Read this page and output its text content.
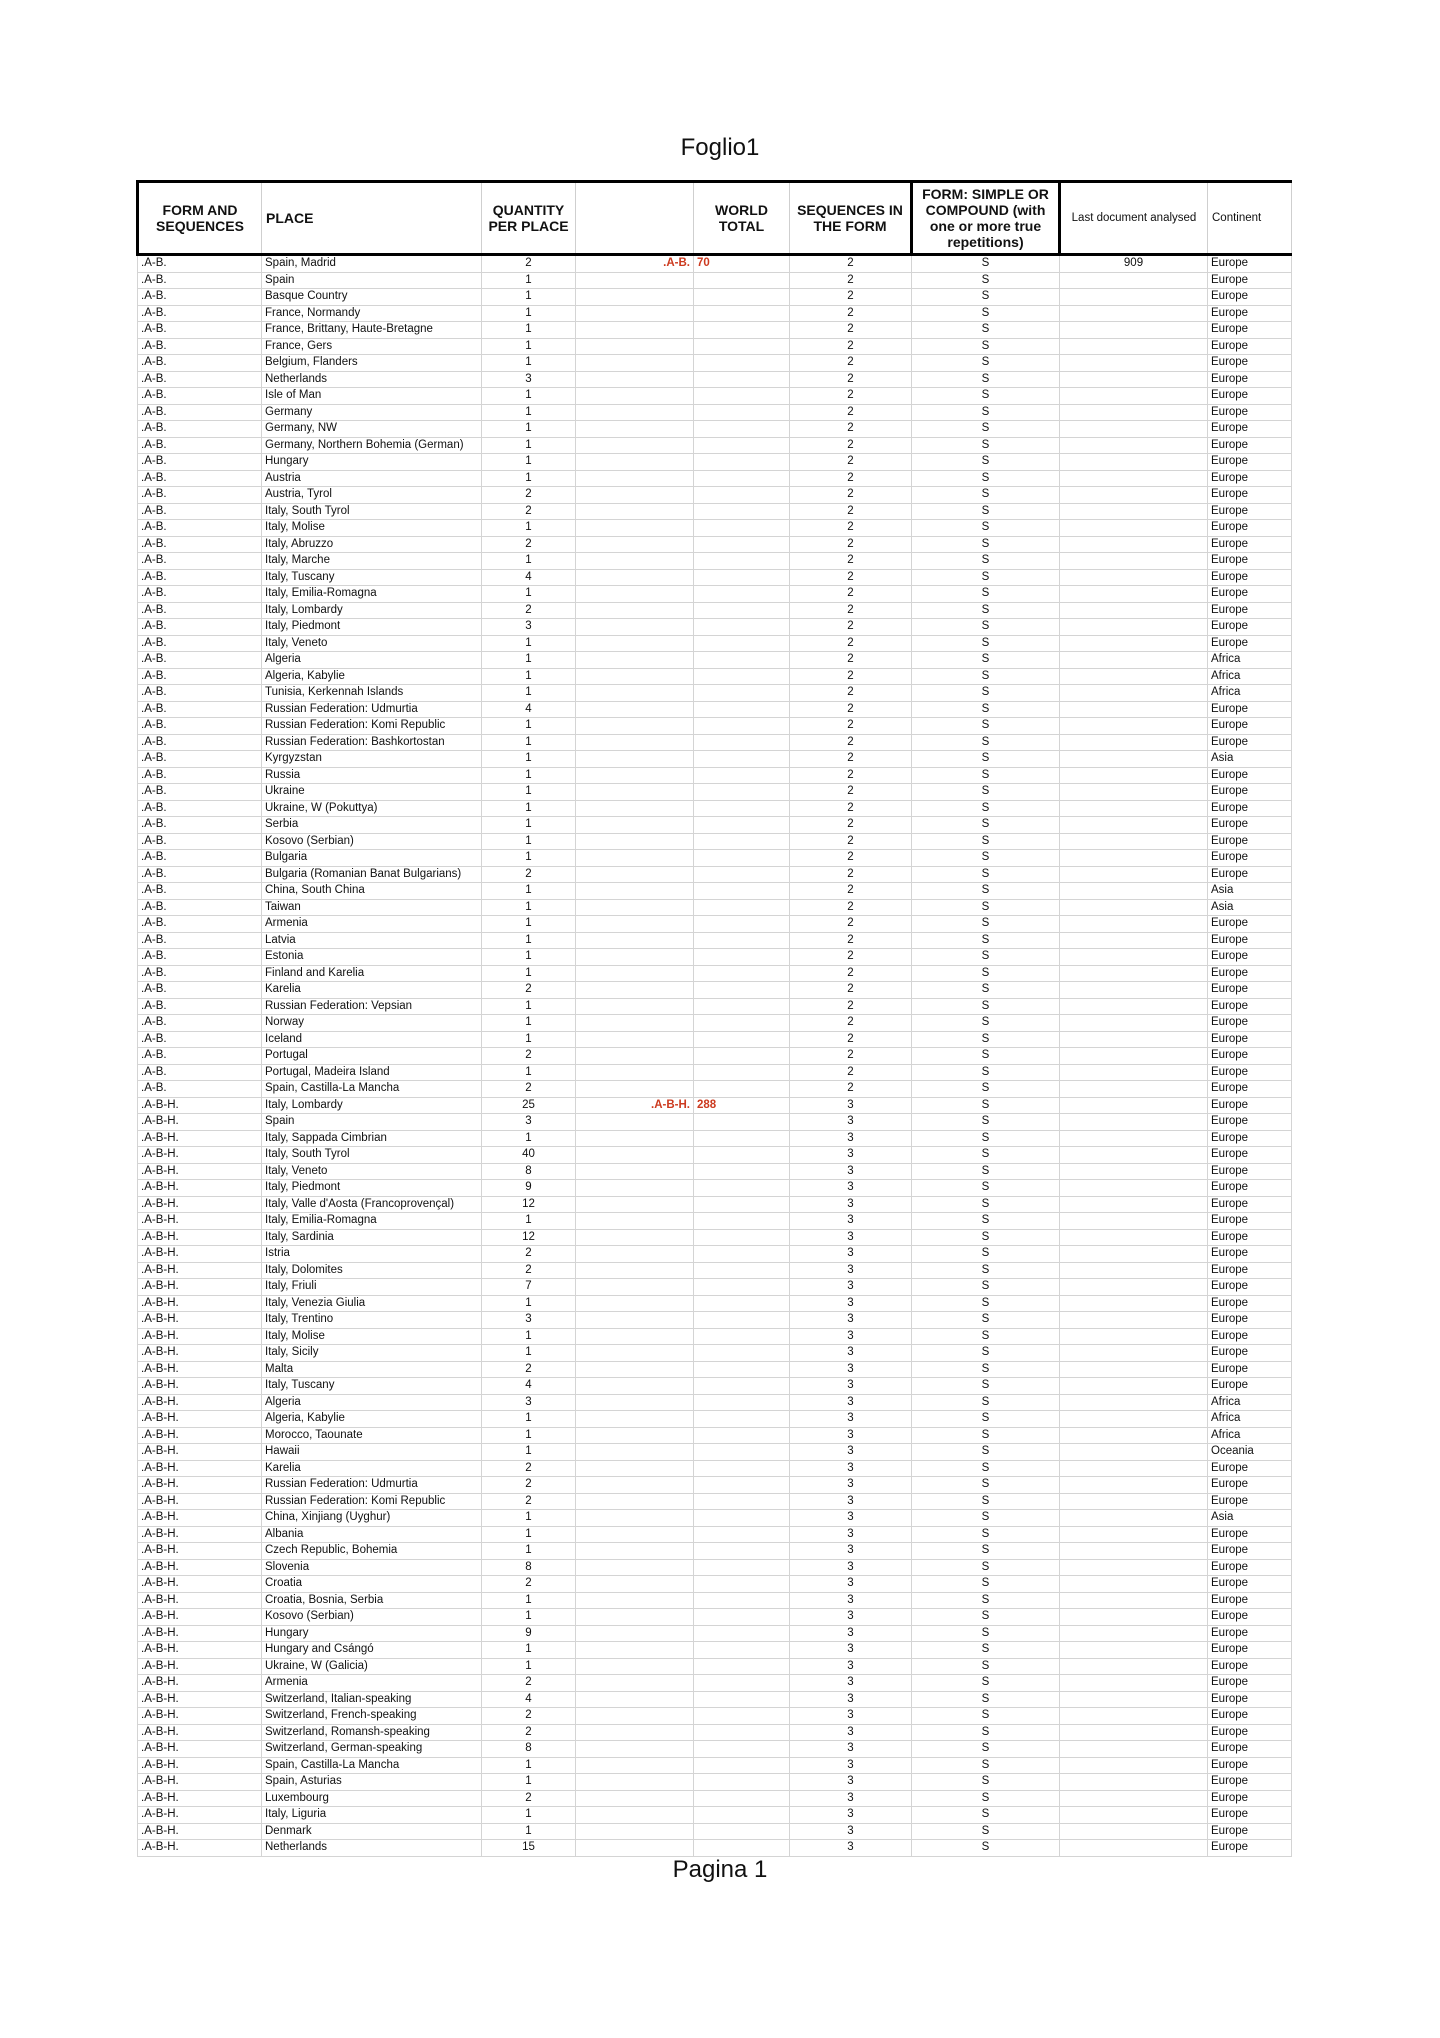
Foglio1
FORM AND SEQUENCES	PLACE	QUANTITY PER PLACE		WORLD TOTAL	SEQUENCES IN THE FORM	FORM: SIMPLE OR COMPOUND (with one or more true repetitions)	Last document analysed	Continent
.A-B.	Spain, Madrid	2	.A-B.	70	2	S	909	Europe
.A-B.	Spain	1			2	S		Europe
.A-B.	Basque Country	1			2	S		Europe
.A-B.	France, Normandy	1			2	S		Europe
.A-B.	France, Brittany, Haute-Bretagne	1			2	S		Europe
.A-B.	France, Gers	1			2	S		Europe
.A-B.	Belgium, Flanders	1			2	S		Europe
.A-B.	Netherlands	3			2	S		Europe
.A-B.	Isle of Man	1			2	S		Europe
.A-B.	Germany	1			2	S		Europe
.A-B.	Germany, NW	1			2	S		Europe
.A-B.	Germany, Northern Bohemia (German)	1			2	S		Europe
.A-B.	Hungary	1			2	S		Europe
.A-B.	Austria	1			2	S		Europe
.A-B.	Austria, Tyrol	2			2	S		Europe
.A-B.	Italy, South Tyrol	2			2	S		Europe
.A-B.	Italy, Molise	1			2	S		Europe
.A-B.	Italy, Abruzzo	2			2	S		Europe
.A-B.	Italy, Marche	1			2	S		Europe
.A-B.	Italy, Tuscany	4			2	S		Europe
.A-B.	Italy, Emilia-Romagna	1			2	S		Europe
.A-B.	Italy, Lombardy	2			2	S		Europe
.A-B.	Italy, Piedmont	3			2	S		Europe
.A-B.	Italy, Veneto	1			2	S		Europe
.A-B.	Algeria	1			2	S		Africa
.A-B.	Algeria, Kabylie	1			2	S		Africa
.A-B.	Tunisia, Kerkennah Islands	1			2	S		Africa
.A-B.	Russian Federation: Udmurtia	4			2	S		Europe
.A-B.	Russian Federation: Komi Republic	1			2	S		Europe
.A-B.	Russian Federation: Bashkortostan	1			2	S		Europe
.A-B.	Kyrgyzstan	1			2	S		Asia
.A-B.	Russia	1			2	S		Europe
.A-B.	Ukraine	1			2	S		Europe
.A-B.	Ukraine, W (Pokuttya)	1			2	S		Europe
.A-B.	Serbia	1			2	S		Europe
.A-B.	Kosovo (Serbian)	1			2	S		Europe
.A-B.	Bulgaria	1			2	S		Europe
.A-B.	Bulgaria (Romanian Banat Bulgarians)	2			2	S		Europe
.A-B.	China, South China	1			2	S		Asia
.A-B.	Taiwan	1			2	S		Asia
.A-B.	Armenia	1			2	S		Europe
.A-B.	Latvia	1			2	S		Europe
.A-B.	Estonia	1			2	S		Europe
.A-B.	Finland and Karelia	1			2	S		Europe
.A-B.	Karelia	2			2	S		Europe
.A-B.	Russian Federation: Vepsian	1			2	S		Europe
.A-B.	Norway	1			2	S		Europe
.A-B.	Iceland	1			2	S		Europe
.A-B.	Portugal	2			2	S		Europe
.A-B.	Portugal, Madeira Island	1			2	S		Europe
.A-B.	Spain, Castilla-La Mancha	2			2	S		Europe
.A-B-H.	Italy, Lombardy	25	.A-B-H.	288	3	S		Europe
.A-B-H.	Spain	3			3	S		Europe
.A-B-H.	Italy, Sappada Cimbrian	1			3	S		Europe
.A-B-H.	Italy, South Tyrol	40			3	S		Europe
.A-B-H.	Italy, Veneto	8			3	S		Europe
.A-B-H.	Italy, Piedmont	9			3	S		Europe
.A-B-H.	Italy, Valle d'Aosta (Francoprovençal)	12			3	S		Europe
.A-B-H.	Italy, Emilia-Romagna	1			3	S		Europe
.A-B-H.	Italy, Sardinia	12			3	S		Europe
.A-B-H.	Istria	2			3	S		Europe
.A-B-H.	Italy, Dolomites	2			3	S		Europe
.A-B-H.	Italy, Friuli	7			3	S		Europe
.A-B-H.	Italy, Venezia Giulia	1			3	S		Europe
.A-B-H.	Italy, Trentino	3			3	S		Europe
.A-B-H.	Italy, Molise	1			3	S		Europe
.A-B-H.	Italy, Sicily	1			3	S		Europe
.A-B-H.	Malta	2			3	S		Europe
.A-B-H.	Italy, Tuscany	4			3	S		Europe
.A-B-H.	Algeria	3			3	S		Africa
.A-B-H.	Algeria, Kabylie	1			3	S		Africa
.A-B-H.	Morocco, Taounate	1			3	S		Africa
.A-B-H.	Hawaii	1			3	S		Oceania
.A-B-H.	Karelia	2			3	S		Europe
.A-B-H.	Russian Federation: Udmurtia	2			3	S		Europe
.A-B-H.	Russian Federation: Komi Republic	2			3	S		Europe
.A-B-H.	China, Xinjiang (Uyghur)	1			3	S		Asia
.A-B-H.	Albania	1			3	S		Europe
.A-B-H.	Czech Republic, Bohemia	1			3	S		Europe
.A-B-H.	Slovenia	8			3	S		Europe
.A-B-H.	Croatia	2			3	S		Europe
.A-B-H.	Croatia, Bosnia, Serbia	1			3	S		Europe
.A-B-H.	Kosovo (Serbian)	1			3	S		Europe
.A-B-H.	Hungary	9			3	S		Europe
.A-B-H.	Hungary and Csángó	1			3	S		Europe
.A-B-H.	Ukraine, W (Galicia)	1			3	S		Europe
.A-B-H.	Armenia	2			3	S		Europe
.A-B-H.	Switzerland, Italian-speaking	4			3	S		Europe
.A-B-H.	Switzerland, French-speaking	2			3	S		Europe
.A-B-H.	Switzerland, Romansh-speaking	2			3	S		Europe
.A-B-H.	Switzerland, German-speaking	8			3	S		Europe
.A-B-H.	Spain, Castilla-La Mancha	1			3	S		Europe
.A-B-H.	Spain, Asturias	1			3	S		Europe
.A-B-H.	Luxembourg	2			3	S		Europe
.A-B-H.	Italy, Liguria	1			3	S		Europe
.A-B-H.	Denmark	1			3	S		Europe
.A-B-H.	Netherlands	15			3	S		Europe
Pagina 1
